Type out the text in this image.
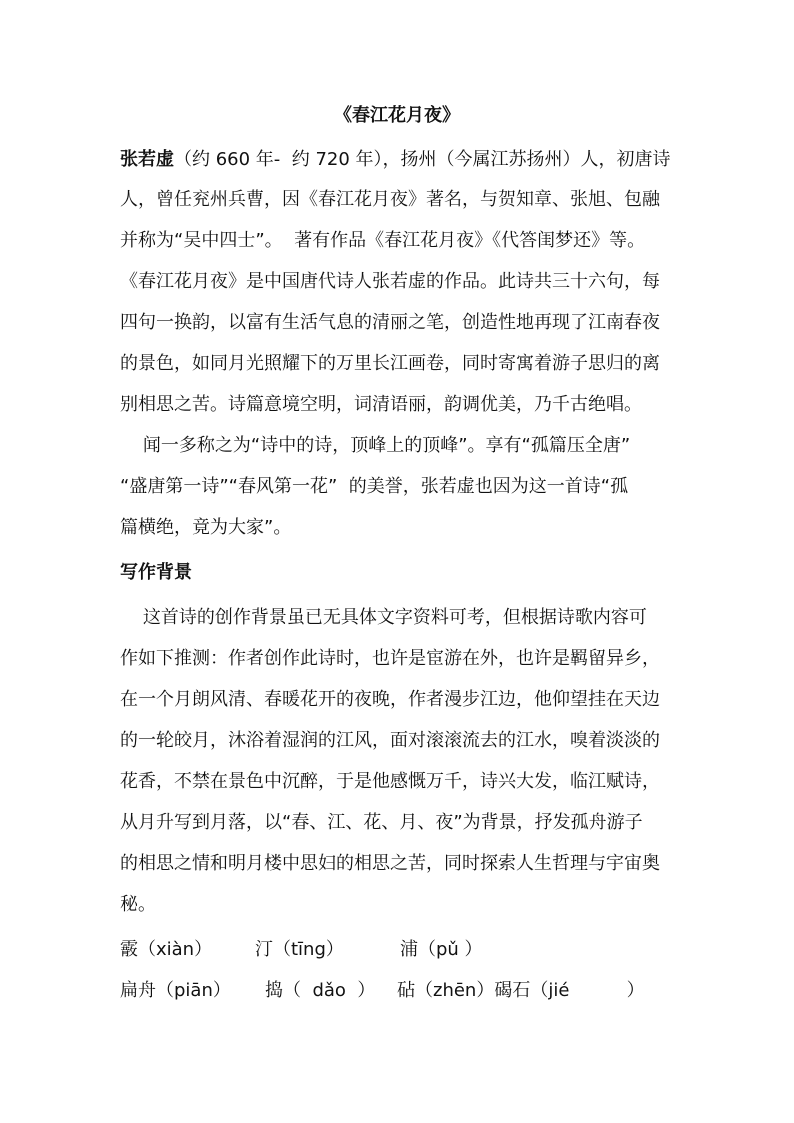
《春江花月夜》
张若虚（约 660 年-  约 720 年），扬州（今属江苏扬州）人，初唐诗
人，曾任兖州兵曹，因《春江花月夜》著名，与贺知章、张旭、包融
并称为“吴中四士”。  著有作品《春江花月夜》《代答闺梦还》等。
《春江花月夜》是中国唐代诗人张若虚的作品。此诗共三十六句，每
四句一换韵，以富有生活气息的清丽之笔，创造性地再现了江南春夜
的景色，如同月光照耀下的万里长江画卷，同时寄寓着游子思归的离
别相思之苦。诗篇意境空明，词清语丽，韵调优美，乃千古绝唱。
闻一多称之为“诗中的诗，顶峰上的顶峰”。享有“孤篇压全唐”
“盛唐第一诗”“春风第一花”  的美誉，张若虚也因为这一首诗“孤
篇横绝，竟为大家”。
写作背景
这首诗的创作背景虽已无具体文字资料可考，但根据诗歌内容可
作如下推测：作者创作此诗时，也许是宦游在外，也许是羁留异乡，
在一个月朗风清、春暖花开的夜晚，作者漫步江边，他仰望挂在天边
的一轮皎月，沐浴着湿润的江风，面对滚滚流去的江水，嗅着淡淡的
花香，不禁在景色中沉醉，于是他感慨万千，诗兴大发，临江赋诗，
从月升写到月落，以“春、江、花、月、夜”为背景，抒发孤舟游子
的相思之情和明月楼中思妇的相思之苦，同时探索人生哲理与宇宙奥
秘。
霰（xiàn） 汀（tīng）	浦（pǔ ）
扁舟（piān） 捣（  dǎo  ） 砧（zhēn）碣石（jié          ）
